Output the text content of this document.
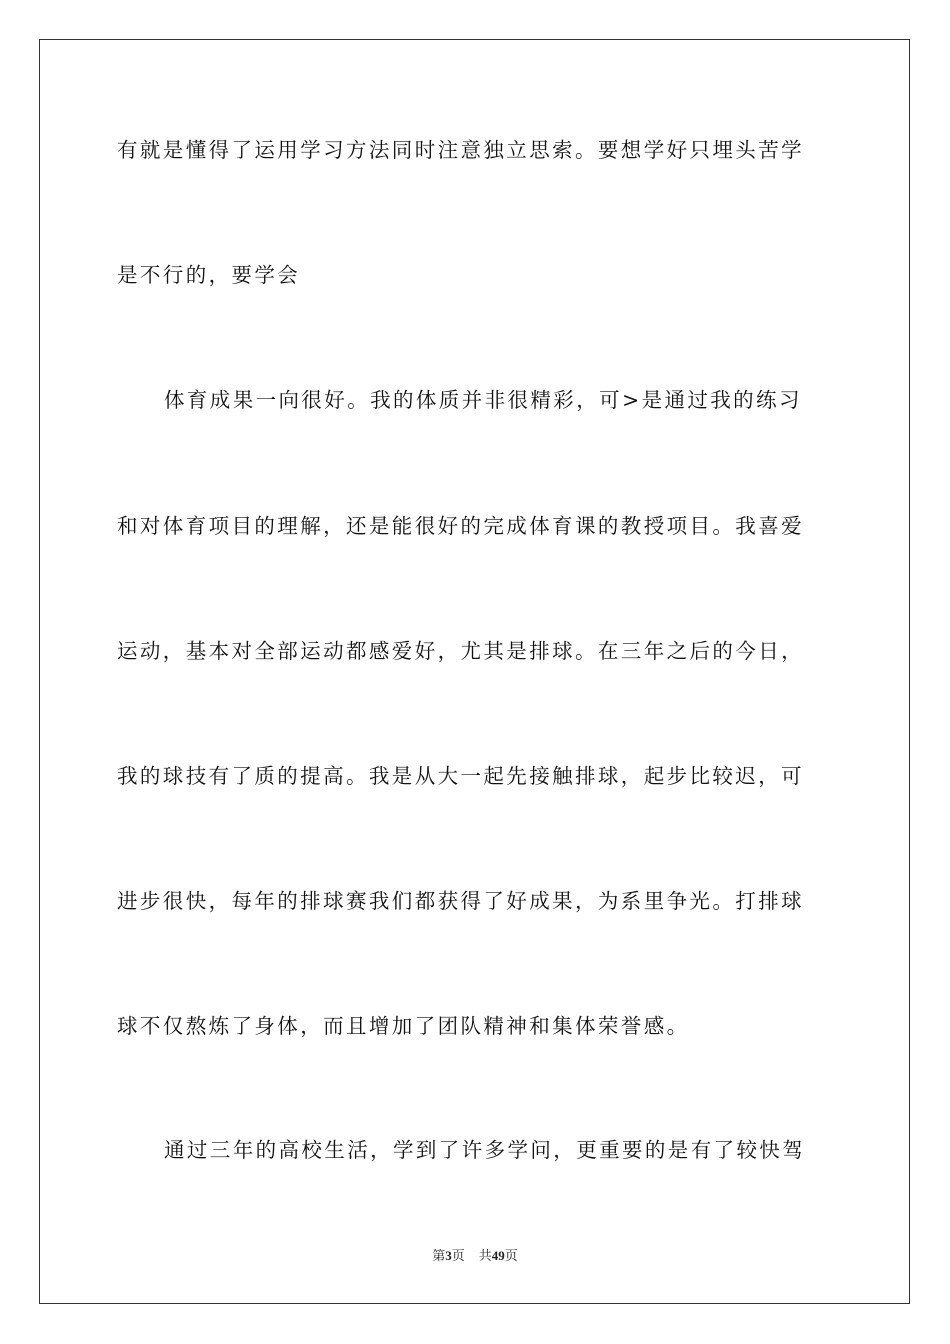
有就是懂得了运用学习方法同时注意独立思索。要想学好只埋头苦学
是不行的，要学会
体育成果一向很好。我的体质并非很精彩，可>是通过我的练习
和对体育项目的理解，还是能很好的完成体育课的教授项目。我喜爱
运动，基本对全部运动都感爱好，尤其是排球。在三年之后的今日，
我的球技有了质的提高。我是从大一起先接触排球，起步比较迟，可
进步很快，每年的排球赛我们都获得了好成果，为系里争光。打排球
球不仅熬炼了身体，而且增加了团队精神和集体荣誉感。
通过三年的高校生活，学到了许多学问，更重要的是有了较快驾
第3页 共49页
